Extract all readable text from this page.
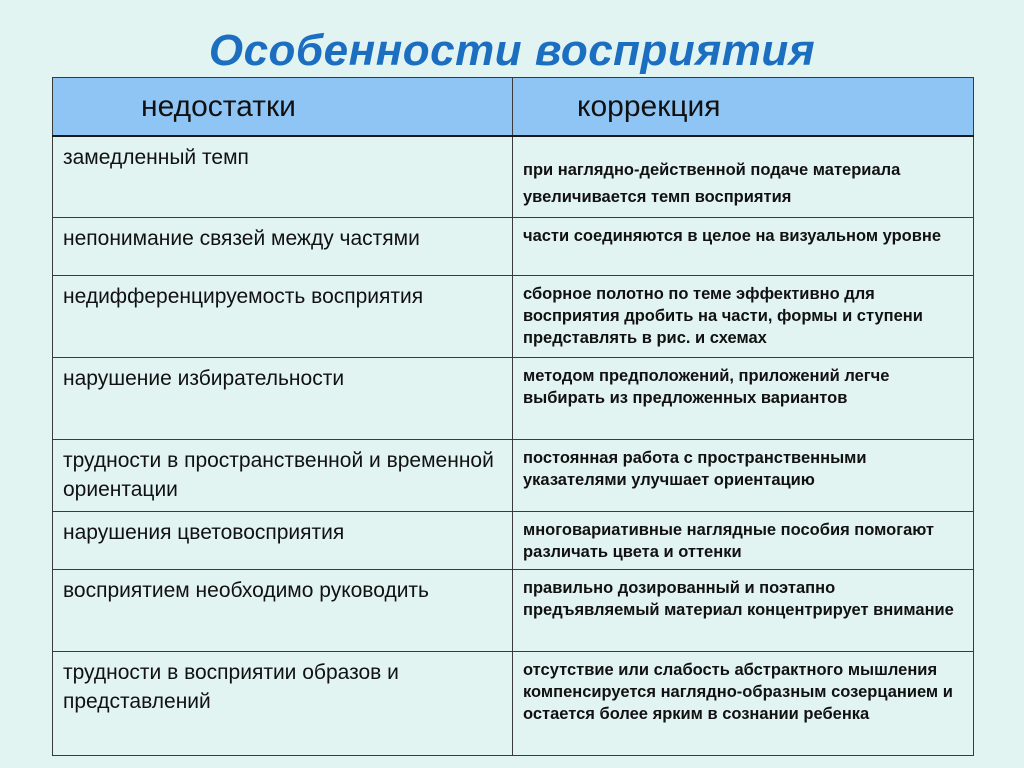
Особенности восприятия
недостатки	коррекция
замедленный темп	при наглядно-действенной подаче материала увеличивается темп восприятия
непонимание связей между частями	части соединяются в целое на визуальном уровне
недифференцируемость восприятия	сборное полотно по теме эффективно для восприятия дробить на части, формы и ступени представлять в рис. и схемах
нарушение избирательности	методом предположений, приложений легче выбирать из предложенных вариантов
трудности в пространственной и временной ориентации	постоянная работа с пространственными указателями улучшает ориентацию
нарушения цветовосприятия	многовариативные наглядные пособия помогают различать цвета и оттенки
восприятием необходимо руководить	правильно дозированный и поэтапно предъявляемый материал концентрирует внимание
трудности в восприятии образов и представлений	отсутствие или слабость абстрактного мышления компенсируется наглядно-образным созерцанием и остается более ярким в сознании ребенка
